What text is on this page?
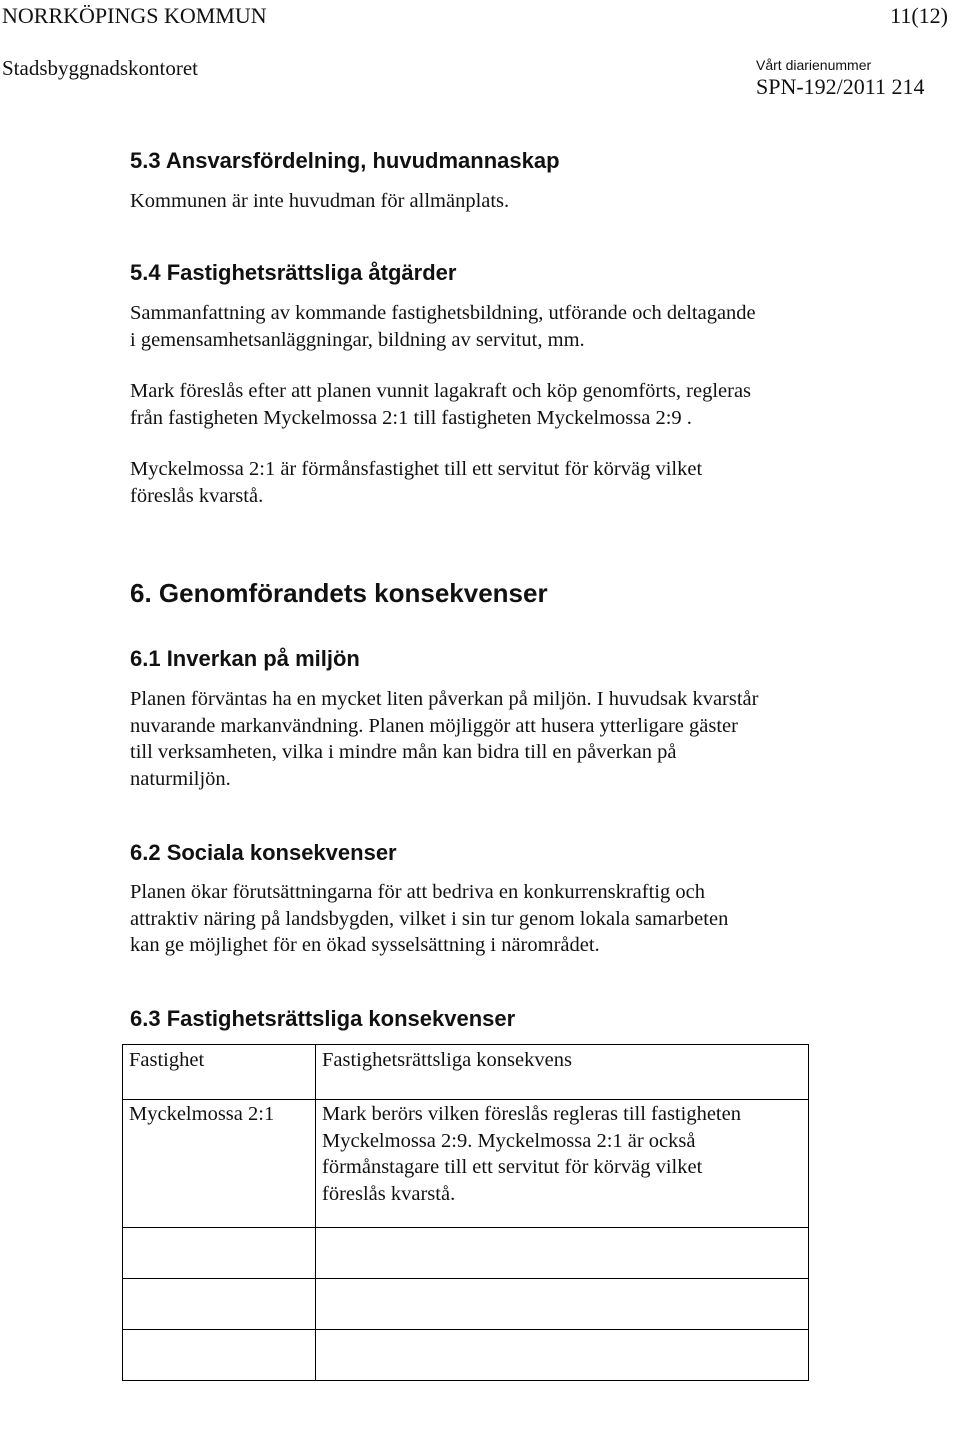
NORRKÖPINGS KOMMUN	11(12)
Stadsbyggnadskontoret	Vårt diarienummer
SPN-192/2011 214
5.3 Ansvarsfördelning, huvudmannaskap
Kommunen är inte huvudman för allmänplats.
5.4 Fastighetsrättsliga åtgärder
Sammanfattning av kommande fastighetsbildning, utförande och deltagande
i gemensamhetsanläggningar, bildning av servitut, mm.
Mark föreslås efter att planen vunnit lagakraft och köp genomförts, regleras
från fastigheten Myckelmossa 2:1 till fastigheten Myckelmossa 2:9 .
Myckelmossa 2:1 är förmånsfastighet till ett servitut för körväg vilket
föreslås kvarstå.
6. Genomförandets konsekvenser
6.1 Inverkan på miljön
Planen förväntas ha en mycket liten påverkan på miljön. I huvudsak kvarstår
nuvarande markanvändning. Planen möjliggör att husera ytterligare gäster
till verksamheten, vilka i mindre mån kan bidra till en påverkan på
naturmiljön.
6.2 Sociala konsekvenser
Planen ökar förutsättningarna för att bedriva en konkurrenskraftig och
attraktiv näring på landsbygden, vilket i sin tur genom lokala samarbeten
kan ge möjlighet för en ökad sysselsättning i närområdet.
6.3 Fastighetsrättsliga konsekvenser
Fastighet	Fastighetsrättsliga konsekvens
Myckelmossa 2:1	Mark berörs vilken föreslås regleras till fastigheten
Myckelmossa 2:9. Myckelmossa 2:1 är också
förmånstagare till ett servitut för körväg vilket
föreslås kvarstå.
